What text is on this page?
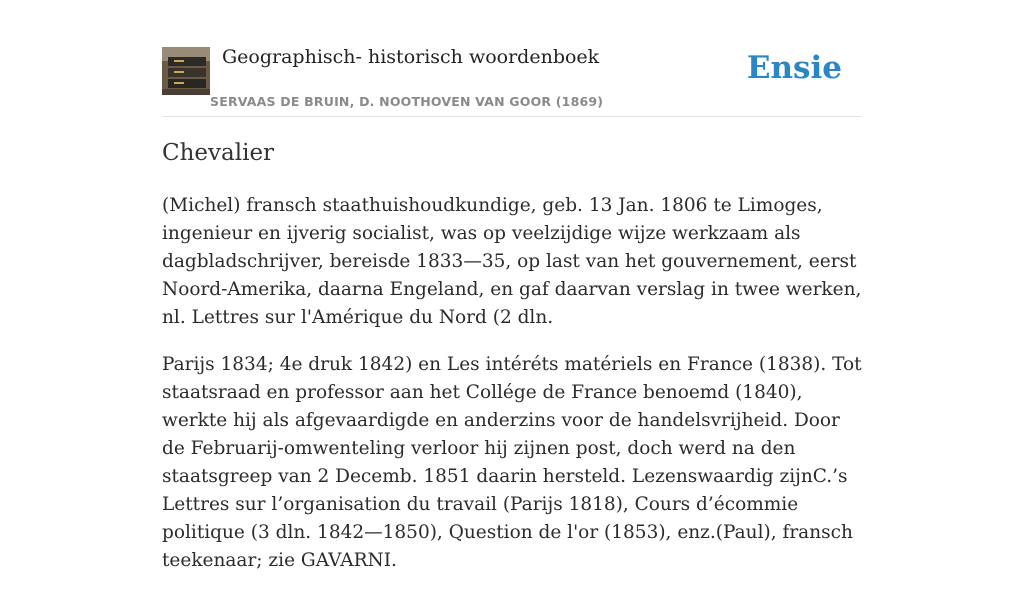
Geographisch- historisch woordenboek
SERVAAS DE BRUIN, D. NOOTHOVEN VAN GOOR (1869)
Ensie
Chevalier

(Michel) fransch staathuishoudkundige, geb. 13 Jan. 1806 te Limoges, ingenieur en ijverig socialist, was op veelzijdige wijze werkzaam als dagbladschrijver, bereisde 1833—35, op last van het gouvernement, eerst Noord-Amerika, daarna Engeland, en gaf daarvan verslag in twee werken, nl. Lettres sur l'Amérique du Nord (2 dln.

Parijs 1834; 4e druk 1842) en Les intéréts matériels en France (1838). Tot staatsraad en professor aan het Collége de France benoemd (1840), werkte hij als afgevaardigde en anderzins voor de handelsvrijheid. Door de Februarij-omwenteling verloor hij zijnen post, doch werd na den staatsgreep van 2 Decemb. 1851 daarin hersteld. Lezenswaardig zijnC.’s Lettres sur l’organisation du travail (Parijs 1818), Cours d’écommie politique (3 dln. 1842—1850), Question de l'or (1853), enz.(Paul), fransch teekenaar; zie GAVARNI.
